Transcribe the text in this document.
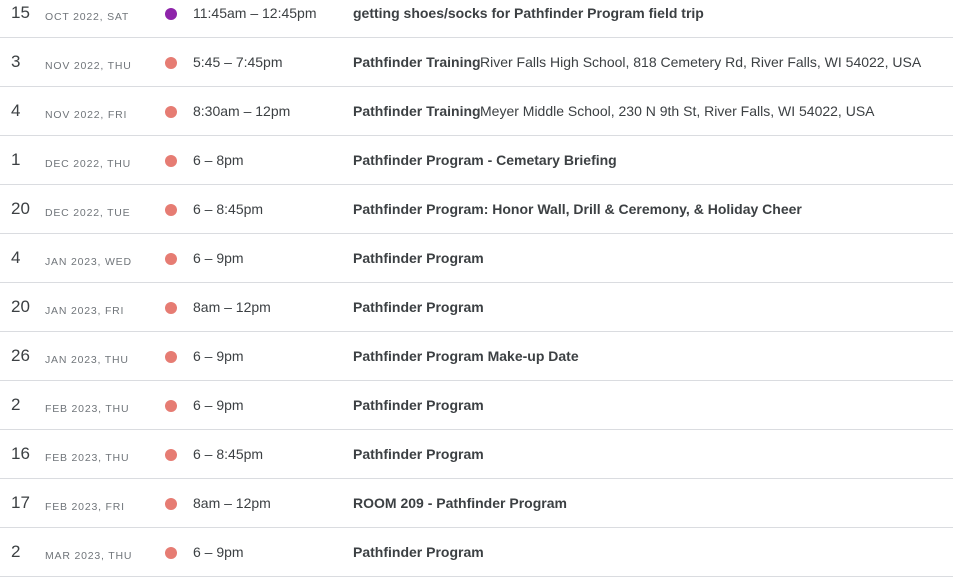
15 OCT 2022, SAT	11:45am – 12:45pm	getting shoes/socks for Pathfinder Program field trip
3 NOV 2022, THU	5:45 – 7:45pm	Pathfinder Training River Falls High School, 818 Cemetery Rd, River Falls, WI 54022, USA
4 NOV 2022, FRI	8:30am – 12pm	Pathfinder Training Meyer Middle School, 230 N 9th St, River Falls, WI 54022, USA
1 DEC 2022, THU	6 – 8pm	Pathfinder Program - Cemetary Briefing
20 DEC 2022, TUE	6 – 8:45pm	Pathfinder Program: Honor Wall, Drill & Ceremony, & Holiday Cheer
4 JAN 2023, WED	6 – 9pm	Pathfinder Program
20 JAN 2023, FRI	8am – 12pm	Pathfinder Program
26 JAN 2023, THU	6 – 9pm	Pathfinder Program Make-up Date
2 FEB 2023, THU	6 – 9pm	Pathfinder Program
16 FEB 2023, THU	6 – 8:45pm	Pathfinder Program
17 FEB 2023, FRI	8am – 12pm	ROOM 209 - Pathfinder Program
2 MAR 2023, THU	6 – 9pm	Pathfinder Program
